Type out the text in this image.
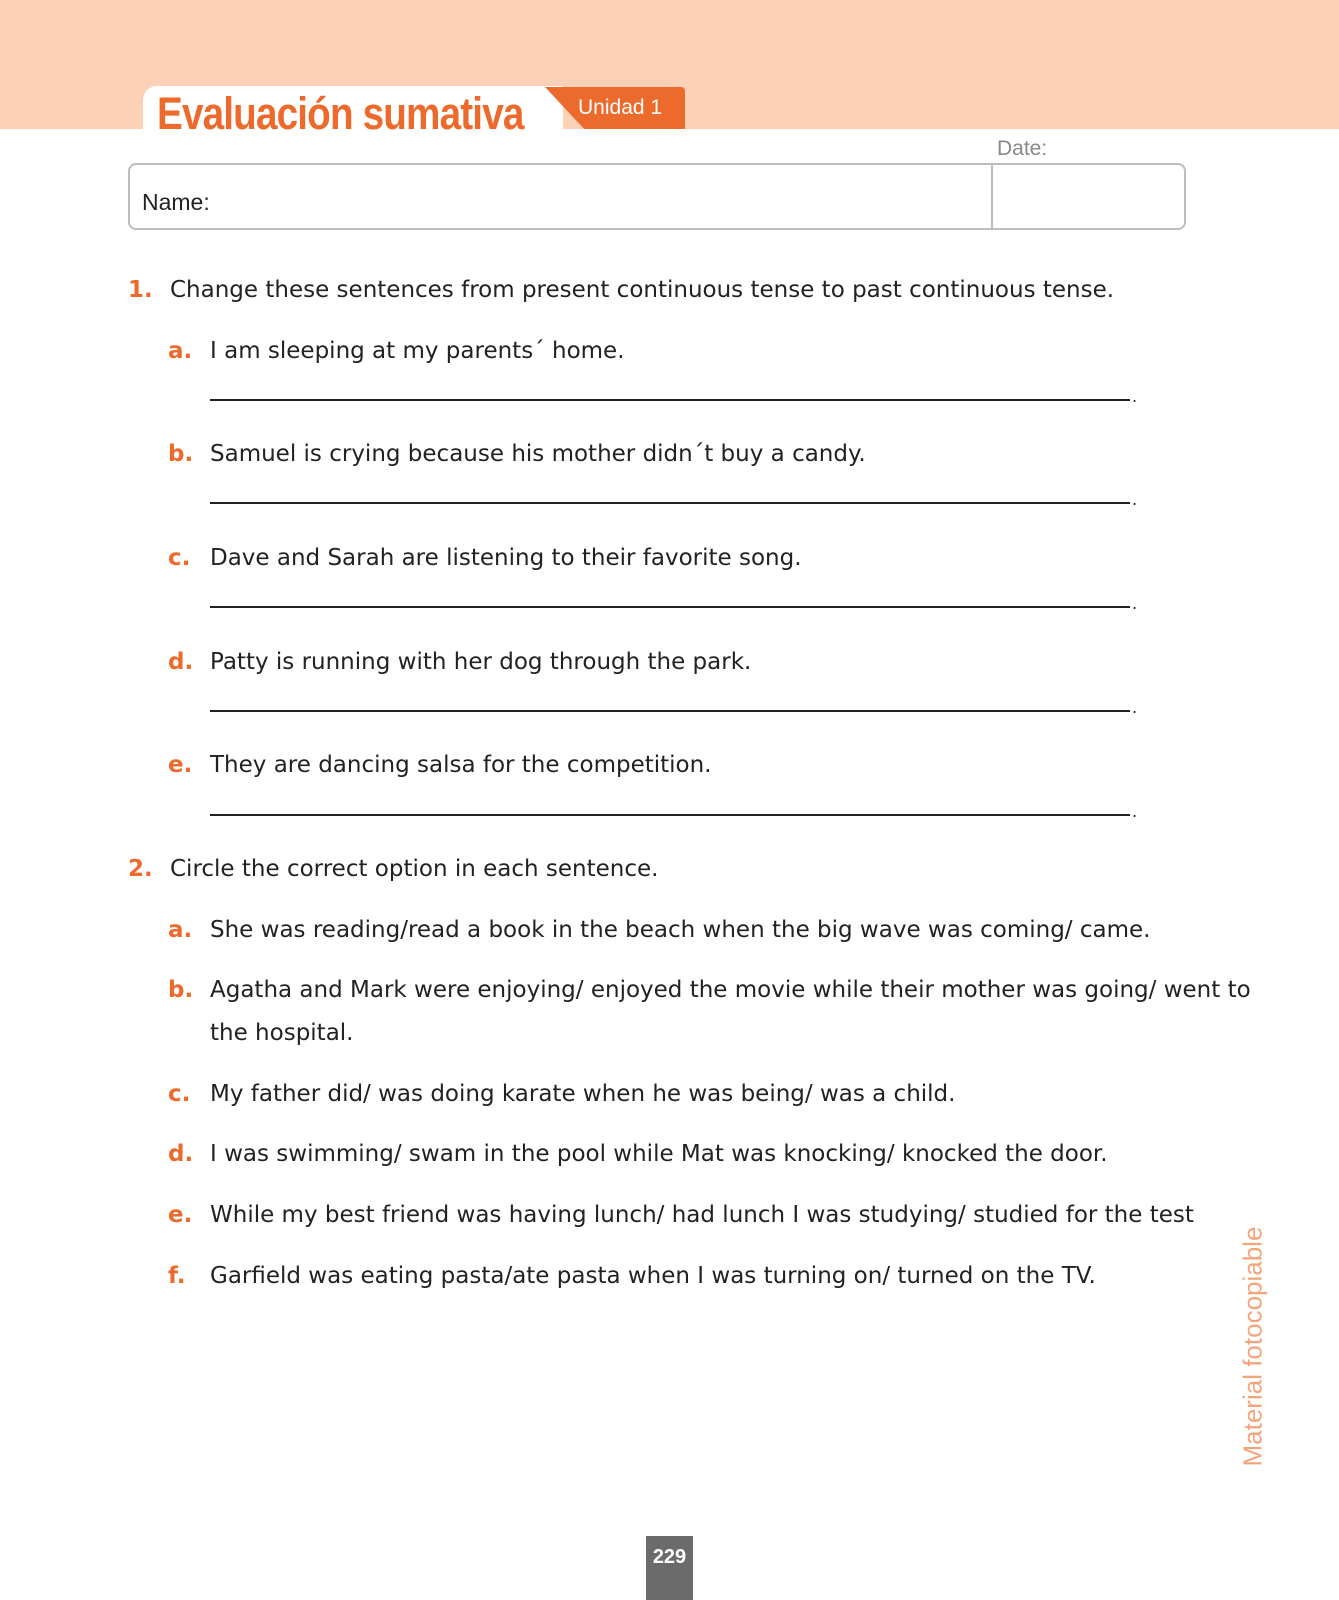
Evaluación sumativa	Unidad 1
Date:
Name:
1. Change these sentences from present continuous tense to past continuous tense.
a. I am sleeping at my parents´ home.
.
b. Samuel is crying because his mother didn´t buy a candy.
.
c. Dave and Sarah are listening to their favorite song.
.
d. Patty is running with her dog through the park.
.
e. They are dancing salsa for the competition.
.
2. Circle the correct option in each sentence.
a. She was reading/read a book in the beach when the big wave was coming/ came.
b. Agatha and Mark were enjoying/ enjoyed the movie while their mother was going/ went to
the hospital.
c. My father did/ was doing karate when he was being/ was a child.
d. I was swimming/ swam in the pool while Mat was knocking/ knocked the door.
e. While my best friend was having lunch/ had lunch I was studying/ studied for the test
f. Garfield was eating pasta/ate pasta when I was turning on/ turned on the TV.	Material fotocopiable
229
